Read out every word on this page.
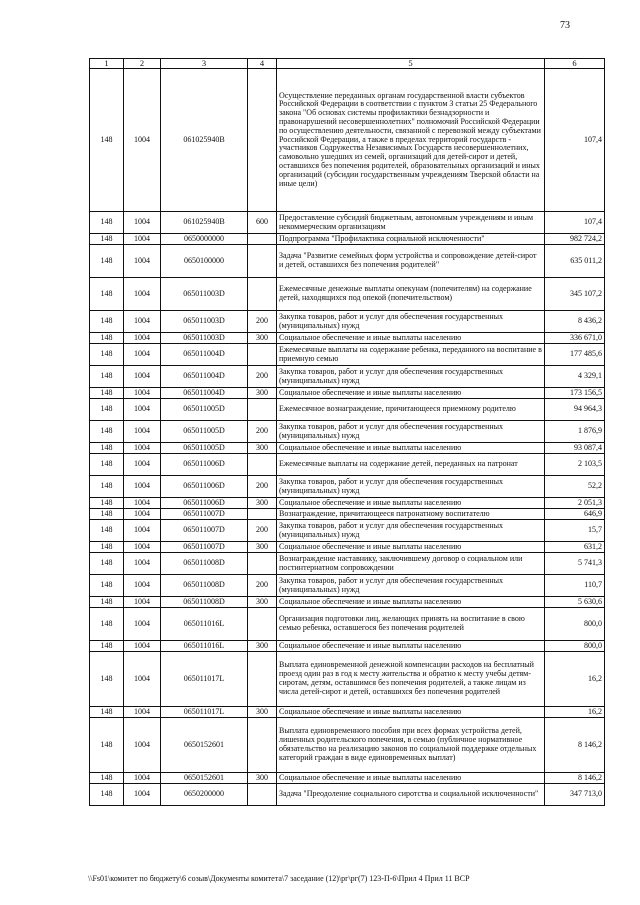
73
1	2	3	4	5	6
148	1004	061025940B		Осуществление переданных органам государственной власти субъектов Российской Федерации в соответствии с пунктом 3 статьи 25 Федерального закона "Об основах системы профилактики безнадзорности и правонарушений несовершеннолетних" полномочий Российской Федерации по осуществлению деятельности, связанной с перевозкой между субъектами Российской Федерации, а также в пределах территорий государств - участников Содружества Независимых Государств несовершеннолетних, самовольно ушедших из семей, организаций для детей-сирот и детей, оставшихся без попечения родителей, образовательных организаций и иных организаций (субсидии государственным учреждениям Тверской области на иные цели)	107,4
148	1004	061025940B	600	Предоставление субсидий бюджетным, автономным учреждениям и иным некоммерческим организациям	107,4
148	1004	0650000000		Подпрограмма "Профилактика социальной исключенности"	982 724,2
148	1004	0650100000		Задача "Развитие семейных форм устройства и сопровождение детей-сирот и детей, оставшихся без попечения родителей"	635 011,2
148	1004	065011003D		Ежемесячные денежные выплаты опекунам (попечителям) на содержание детей, находящихся под опекой (попечительством)	345 107,2
148	1004	065011003D	200	Закупка товаров, работ и услуг для обеспечения государственных (муниципальных) нужд	8 436,2
148	1004	065011003D	300	Социальное обеспечение и иные выплаты населению	336 671,0
148	1004	065011004D		Ежемесячные выплаты на содержание ребенка, переданного на воспитание в приемную семью	177 485,6
148	1004	065011004D	200	Закупка товаров, работ и услуг для обеспечения государственных (муниципальных) нужд	4 329,1
148	1004	065011004D	300	Социальное обеспечение и иные выплаты населению	173 156,5
148	1004	065011005D		Ежемесячное вознаграждение, причитающееся приемному родителю	94 964,3
148	1004	065011005D	200	Закупка товаров, работ и услуг для обеспечения государственных (муниципальных) нужд	1 876,9
148	1004	065011005D	300	Социальное обеспечение и иные выплаты населению	93 087,4
148	1004	065011006D		Ежемесячные выплаты на содержание детей, переданных на патронат	2 103,5
148	1004	065011006D	200	Закупка товаров, работ и услуг для обеспечения государственных (муниципальных) нужд	52,2
148	1004	065011006D	300	Социальное обеспечение и иные выплаты населению	2 051,3
148	1004	065011007D		Вознаграждение, причитающееся патронатному воспитателю	646,9
148	1004	065011007D	200	Закупка товаров, работ и услуг для обеспечения государственных (муниципальных) нужд	15,7
148	1004	065011007D	300	Социальное обеспечение и иные выплаты населению	631,2
148	1004	065011008D		Вознаграждение наставнику, заключившему договор о социальном или постинтернатном сопровождении	5 741,3
148	1004	065011008D	200	Закупка товаров, работ и услуг для обеспечения государственных (муниципальных) нужд	110,7
148	1004	065011008D	300	Социальное обеспечение и иные выплаты населению	5 630,6
148	1004	065011016L		Организация подготовки лиц, желающих принять на воспитание в свою семью ребенка, оставшегося без попечения родителей	800,0
148	1004	065011016L	300	Социальное обеспечение и иные выплаты населению	800,0
148	1004	065011017L		Выплата единовременной денежной компенсации расходов на бесплатный проезд один раз в год к месту жительства и обратно к месту учебы детям-сиротам, детям, оставшимся без попечения родителей, а также лицам из числа детей-сирот и детей, оставшихся без попечения родителей	16,2
148	1004	065011017L	300	Социальное обеспечение и иные выплаты населению	16,2
148	1004	0650152601		Выплата единовременного пособия при всех формах устройства детей, лишенных родительского попечения, в семью (публичное нормативное обязательство на реализацию законов по социальной поддержке отдельных категорий граждан в виде единовременных выплат)	8 146,2
148	1004	0650152601	300	Социальное обеспечение и иные выплаты населению	8 146,2
148	1004	0650200000		Задача "Преодоление социального сиротства и социальной исключенности"	347 713,0
\\Fs01\комитет по бюджету\6 созыв\Документы комитета\7 заседание (12)\рг\рг(7) 123-П-6\Прил 4 Прил 11 ВСР
